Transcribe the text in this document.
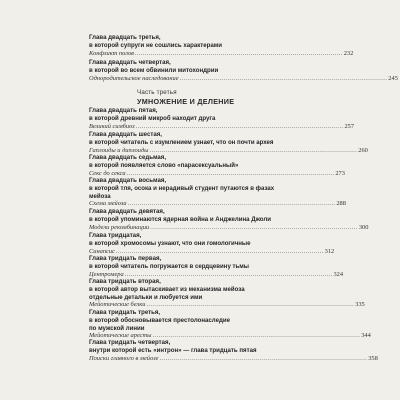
Глава двадцать третья,
в которой супруги не сошлись характерами
Конфликт полов ........................................................................................................ 232
Глава двадцать четвертая,
в которой во всем обвинили митохондрии
Однородительское наследование ........................................................................................................ 245
Часть третья
УМНОЖЕНИЕ И ДЕЛЕНИЕ
Глава двадцать пятая,
в которой древний микроб находит друга
Великий симбиоз ........................................................................................................ 257
Глава двадцать шестая,
в которой читатель с изумлением узнает, что он почти архея
Гаплоиды и диплоиды ........................................................................................................ 260
Глава двадцать седьмая,
в которой появляется слово «парасексуальный»
Секс до секса ........................................................................................................ 273
Глава двадцать восьмая,
в которой тля, осока и нерадивый студент путаются в фазах
мейоза
Схема мейоза ........................................................................................................ 288
Глава двадцать девятая,
в которой упоминаются ядерная война и Анджелина Джоли
Модели рекомбинации ........................................................................................................ 300
Глава тридцатая,
в которой хромосомы узнают, что они гомологичные
Синапсис ........................................................................................................ 312
Глава тридцать первая,
в которой читатель погружается в сердцевину тьмы
Центромера ........................................................................................................ 324
Глава тридцать вторая,
в которой автор вытаскивает из механизма мейоза
отдельные детальки и любуется ими
Мейотические белки ........................................................................................................ 335
Глава тридцать третья,
в которой обосновывается престолонаследие
по мужской линии
Мейотические аресты ........................................................................................................ 344
Глава тридцать четвертая,
внутри которой есть «интрон» — глава тридцать пятая
Поиски главного в мейозе ........................................................................................................ 358
